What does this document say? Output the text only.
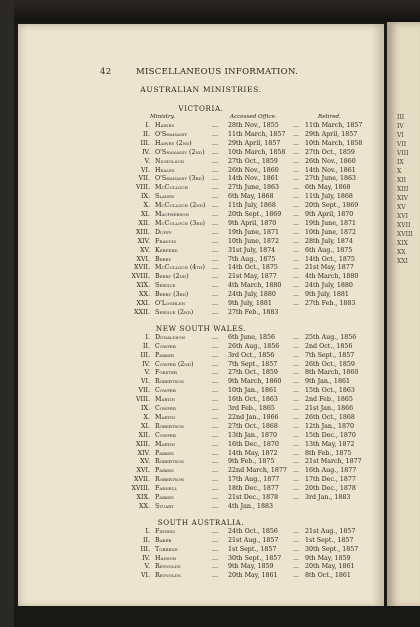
42	MISCELLANEOUS INFORMATION.
AUSTRALIAN MINISTRIES.
VICTORIA.
Ministry.	Accessed Office.	Retired.
I. Haines	... 28th Nov., 1855 ... 11th March, 1857
II. O'Shanassy	... 11th March, 1857 ... 29th April, 1857
III. Haines (2nd)	... 29th April, 1857 ... 10th March, 1858
IV. O'Shanassy (2nd) ... 10th March, 1858 ... 27th Oct., 1859
V. Nicholson	... 27th Oct., 1859 ... 26th Nov., 1860
VI. Heales	... 26th Nov., 1860 ... 14th Nov., 1861
VII. O'Shanassy (3rd) ... 14th Nov., 1861 ... 27th June, 1863
VIII. McCulloch	... 27th June, 1863 ... 6th May, 1868
IX. Sladen	... 6th May, 1868	... 11th July, 1868
X. McCulloch (2nd) ... 11th July, 1868	... 20th Sept., 1869
XI. Macpherson	... 20th Sept., 1869 ... 9th April, 1870
XII. McCulloch (3rd) ... 9th April, 1870	... 19th June, 1871
XIII. Duffy	... 19th June, 1871 ... 10th June, 1872
XIV. Francis	... 10th June, 1872 ... 28th July, 1874
XV. Kerferd	... 31st July, 1874	... 6th Aug., 1875
XVI. Berry	... 7th Aug., 1875	... 14th Oct., 1875
XVII. McCulloch (4th) ... 14th Oct., 1875 ... 21st May, 1877
XVIII. Berry (2nd)	... 21st May, 1877	... 4th March, 1880
XIX. Service	... 4th March, 1880 ... 24th July, 1880
XX. Berry (3rd)	... 24th July, 1880	... 9th July, 1881
XXI. O'Loghlen	... 9th July, 1881	... 27th Feb., 1883
XXII. Service (2nd)	... 27th Feb., 1883
NEW SOUTH WALES.
I. Donaldson	... 6th June, 1856	... 25th Aug., 1856
II. Cowper	... 26th Aug., 1856 ... 2nd Oct., 1856
III. Parker	... 3rd Oct., 1856	... 7th Sept., 1857
IV. Cowper (2nd)	... 7th Sept., 1857	... 26th Oct., 1859
V. Forster	... 27th Oct., 1859 ... 8th March, 1860
VI. Robertson	... 9th March, 1860 ... 9th Jan., 1861
VII. Cowper	... 10th Jan., 1861	... 15th Oct., 1863
VIII. Martin	... 16th Oct., 1863 ... 2nd Feb., 1865
IX. Cowper	... 3rd Feb., 1865	... 21st Jan., 1866
X. Martin	... 22nd Jan., 1866 ... 26th Oct., 1868
XI. Robertson	... 27th Oct., 1868 ... 12th Jan., 1870
XII. Cowper	... 13th Jan., 1870	... 15th Dec., 1870
XIII. Martin	... 16th Dec., 1870 ... 13th May, 1872
XIV. Parkes	... 14th May, 1872 ... 8th Feb., 1875
XV. Robertson	... 9th Feb., 1875	... 21st March, 1877
XVI. Parkes	... 22nd March, 1877 ... 16th Aug., 1877
XVII. Robertson	... 17th Aug., 1877 ... 17th Dec., 1877
XVIII. Farnell	... 18th Dec., 1877 ... 20th Dec., 1878
XIX. Parkes	... 21st Dec., 1878 ... 3rd Jan., 1883
XX. Stuart	... 4th Jan., 1883
SOUTH AUSTRALIA.
I. Finniss	... 24th Oct., 1856 ... 21st Aug., 1857
II. Baker	... 21st Aug., 1857 ... 1st Sept., 1857
III. Torrens	... 1st Sept., 1857	... 30th Sept., 1857
IV. Hanson	... 30th Sept., 1857 ... 9th May, 1859
V. Reynolds	... 9th May, 1859	... 20th May, 1861
VI. Reynolds	... 20th May, 1861 ... 8th Oct., 1861
III
IV
VI
VII
VIII
IX
X
XII
XIII
XIV
XV
XVI
XVII
XVIII
XIX
XX
XXI
